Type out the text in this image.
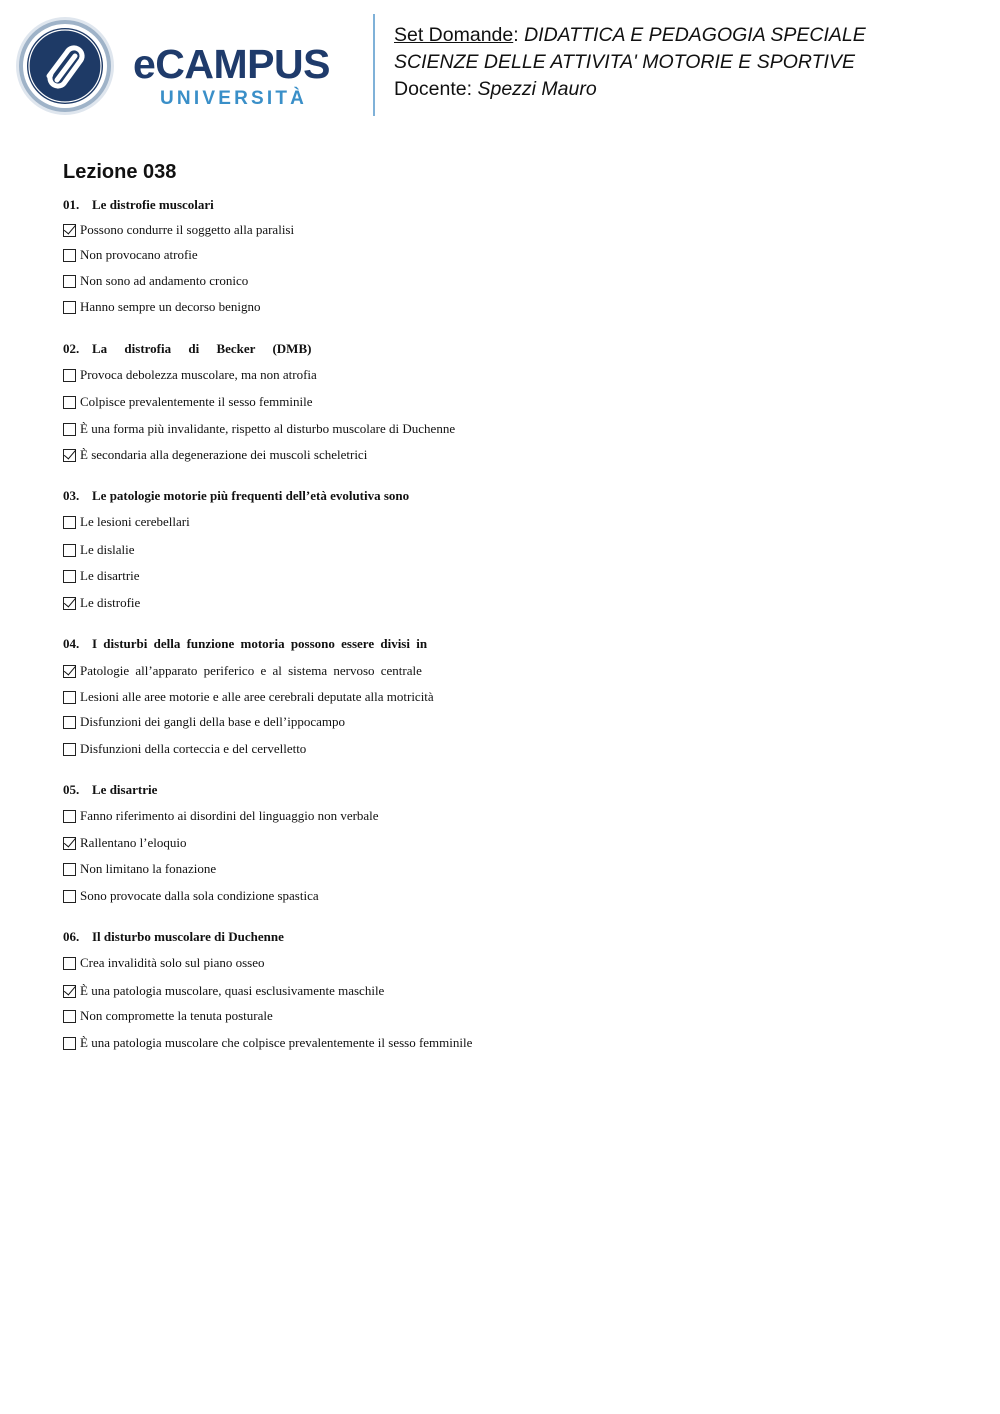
eCAMPUS
UNIVERSITÀ
Set Domande: DIDATTICA E PEDAGOGIA SPECIALE
SCIENZE DELLE ATTIVITA' MOTORIE E SPORTIVE
Docente: Spezzi Mauro
Lezione 038
01. Le distrofie muscolari
Possono condurre il soggetto alla paralisi
Non provocano atrofie
Non sono ad andamento cronico
Hanno sempre un decorso benigno
02. La distrofia di Becker (DMB)
Provoca debolezza muscolare, ma non atrofia
Colpisce prevalentemente il sesso femminile
È una forma più invalidante, rispetto al disturbo muscolare di Duchenne
È secondaria alla degenerazione dei muscoli scheletrici
03. Le patologie motorie più frequenti dell’età evolutiva sono
Le lesioni cerebellari
Le dislalie
Le disartrie
Le distrofie
04. I disturbi della funzione motoria possono essere divisi in
Patologie all’apparato periferico e al sistema nervoso centrale
Lesioni alle aree motorie e alle aree cerebrali deputate alla motricità
Disfunzioni dei gangli della base e dell’ippocampo
Disfunzioni della corteccia e del cervelletto
05. Le disartrie
Fanno riferimento ai disordini del linguaggio non verbale
Rallentano l’eloquio
Non limitano la fonazione
Sono provocate dalla sola condizione spastica
06. Il disturbo muscolare di Duchenne
Crea invalidità solo sul piano osseo
È una patologia muscolare, quasi esclusivamente maschile
Non compromette la tenuta posturale
È una patologia muscolare che colpisce prevalentemente il sesso femminile
